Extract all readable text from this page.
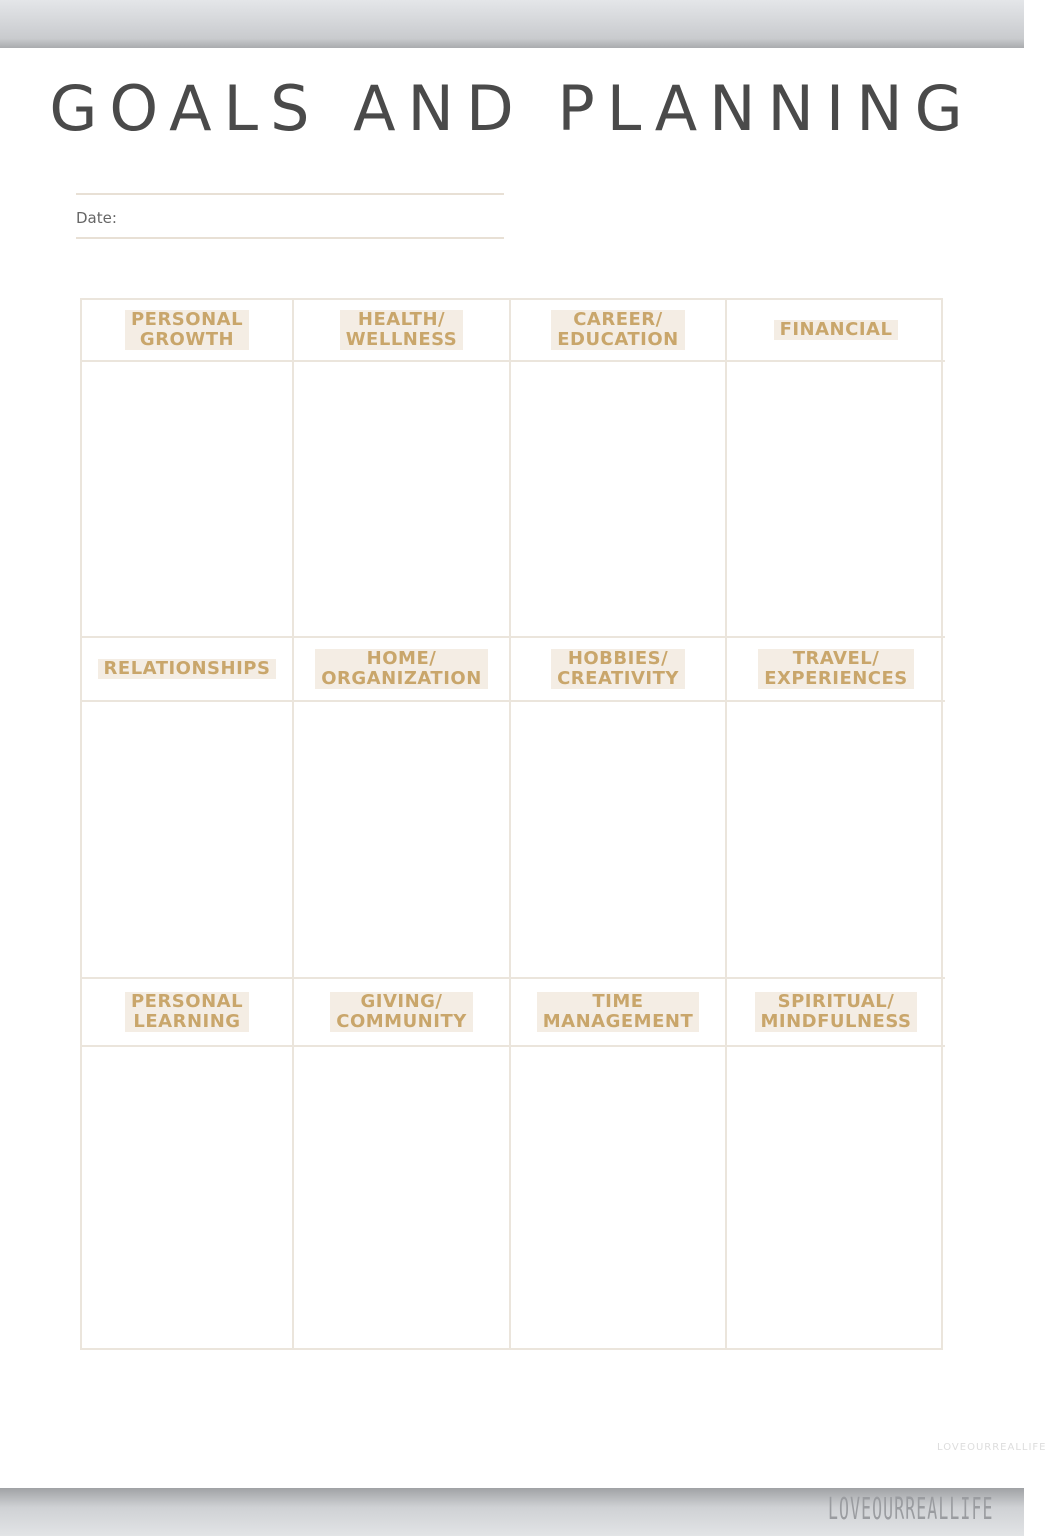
GOALS AND PLANNING
Date:
PERSONAL
GROWTH
HEALTH/
WELLNESS
CAREER/
EDUCATION	FINANCIAL
RELATIONSHIPS	HOME/
ORGANIZATION
HOBBIES/
CREATIVITY
TRAVEL/
EXPERIENCES
PERSONAL
LEARNING
GIVING/
COMMUNITY
TIME
MANAGEMENT
SPIRITUAL/
MINDFULNESS
LOVEOURREALLIFE
LOVEOURREALLIFE
